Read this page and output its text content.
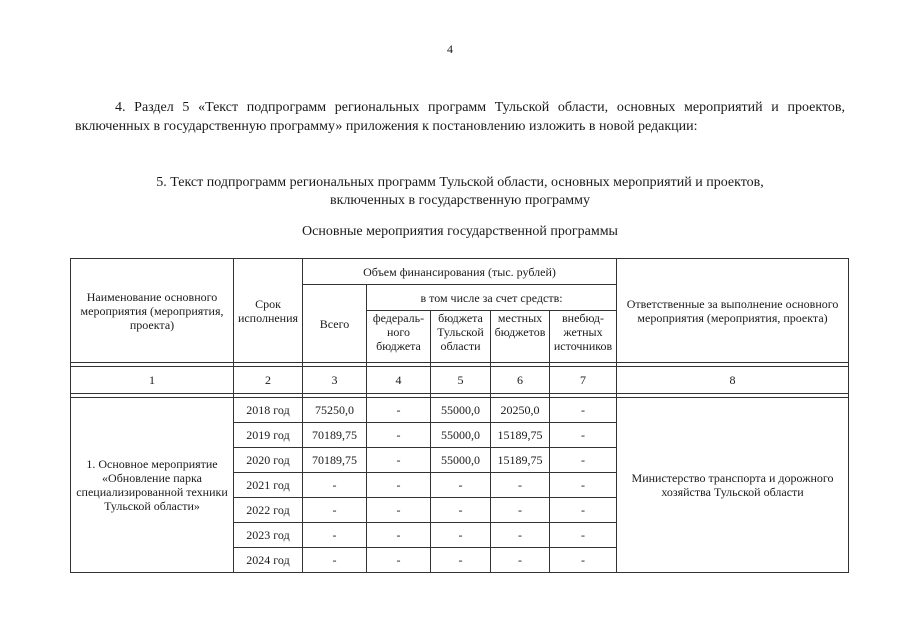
4
4. Раздел 5 «Текст подпрограмм региональных программ Тульской области, основных мероприятий и проектов, включенных в государственную программу» приложения к постановлению изложить в новой редакции:
5. Текст подпрограмм региональных программ Тульской области, основных мероприятий и проектов,
включенных в государственную программу
Основные мероприятия государственной программы
Наименование основного мероприятия (мероприятия, проекта)	Срок исполнения	Объем финансирования (тыс. рублей)					Ответственные за выполнение основного мероприятия (мероприятия, проекта)
		Всего	в том числе за счет средств:				
			федераль-ного бюджета	бюджета Тульской области	местных бюджетов	внебюд-жетных источников	

1	2	3	4	5	6	7	8

1. Основное мероприятие «Обновление парка специализированной техники Тульской области»	2018 год	75250,0	-	55000,0	20250,0	-	Министерство транспорта и дорожного хозяйства Тульской области
	2019 год	70189,75	-	55000,0	15189,75	-	
	2020 год	70189,75	-	55000,0	15189,75	-	
	2021 год	-	-	-	-	-	
	2022 год	-	-	-	-	-	
	2023 год	-	-	-	-	-	
	2024 год	-	-	-	-	-	
